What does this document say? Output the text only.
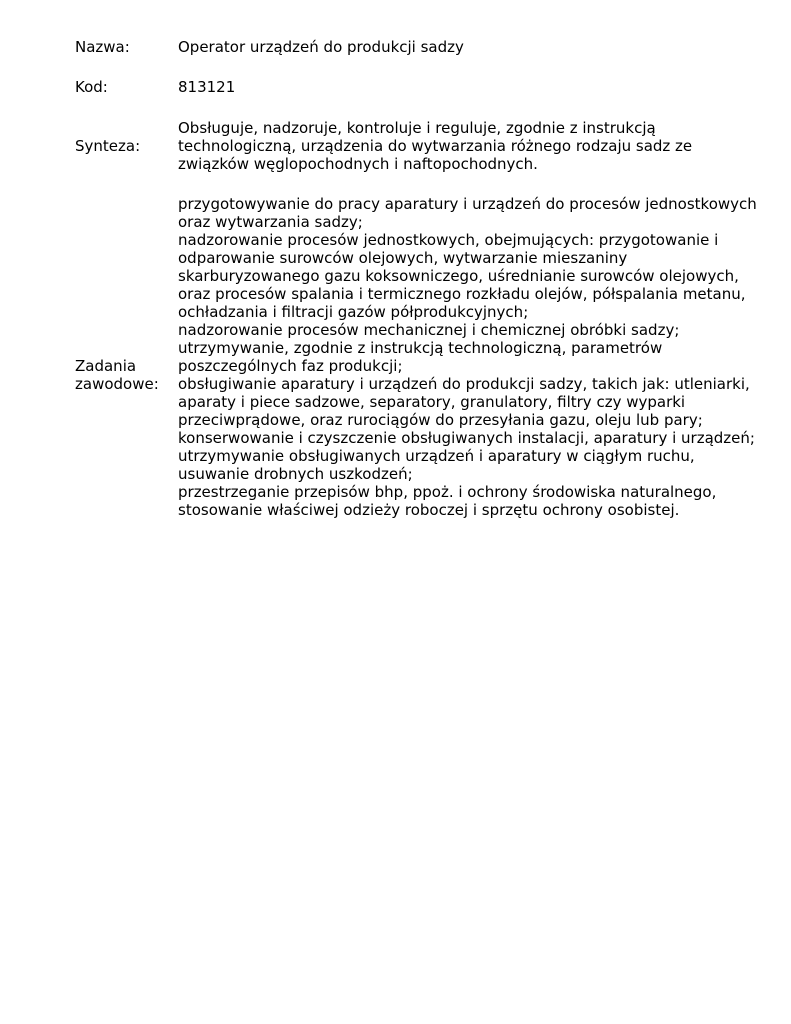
Nazwa:	Operator urządzeń do produkcji sadzy
Kod:	813121
Synteza:
Obsługuje, nadzoruje, kontroluje i reguluje, zgodnie z instrukcją technologiczną, urządzenia do wytwarzania różnego rodzaju sadz ze związków węglopochodnych i naftopochodnych.
Zadania
zawodowe:
przygotowywanie do pracy aparatury i urządzeń do procesów jednostkowych oraz wytwarzania sadzy;
nadzorowanie procesów jednostkowych, obejmujących: przygotowanie i odparowanie surowców olejowych, wytwarzanie mieszaniny skarburyzowanego gazu koksowniczego, uśrednianie surowców olejowych, oraz procesów spalania i termicznego rozkładu olejów, półspalania metanu, ochładzania i filtracji gazów półprodukcyjnych;
nadzorowanie procesów mechanicznej i chemicznej obróbki sadzy;
utrzymywanie, zgodnie z instrukcją technologiczną, parametrów poszczególnych faz produkcji;
obsługiwanie aparatury i urządzeń do produkcji sadzy, takich jak: utleniarki, aparaty i piece sadzowe, separatory, granulatory, filtry czy wyparki przeciwprądowe, oraz rurociągów do przesyłania gazu, oleju lub pary;
konserwowanie i czyszczenie obsługiwanych instalacji, aparatury i urządzeń;
utrzymywanie obsługiwanych urządzeń i aparatury w ciągłym ruchu, usuwanie drobnych uszkodzeń;
przestrzeganie przepisów bhp, ppoż. i ochrony środowiska naturalnego, stosowanie właściwej odzieży roboczej i sprzętu ochrony osobistej.
